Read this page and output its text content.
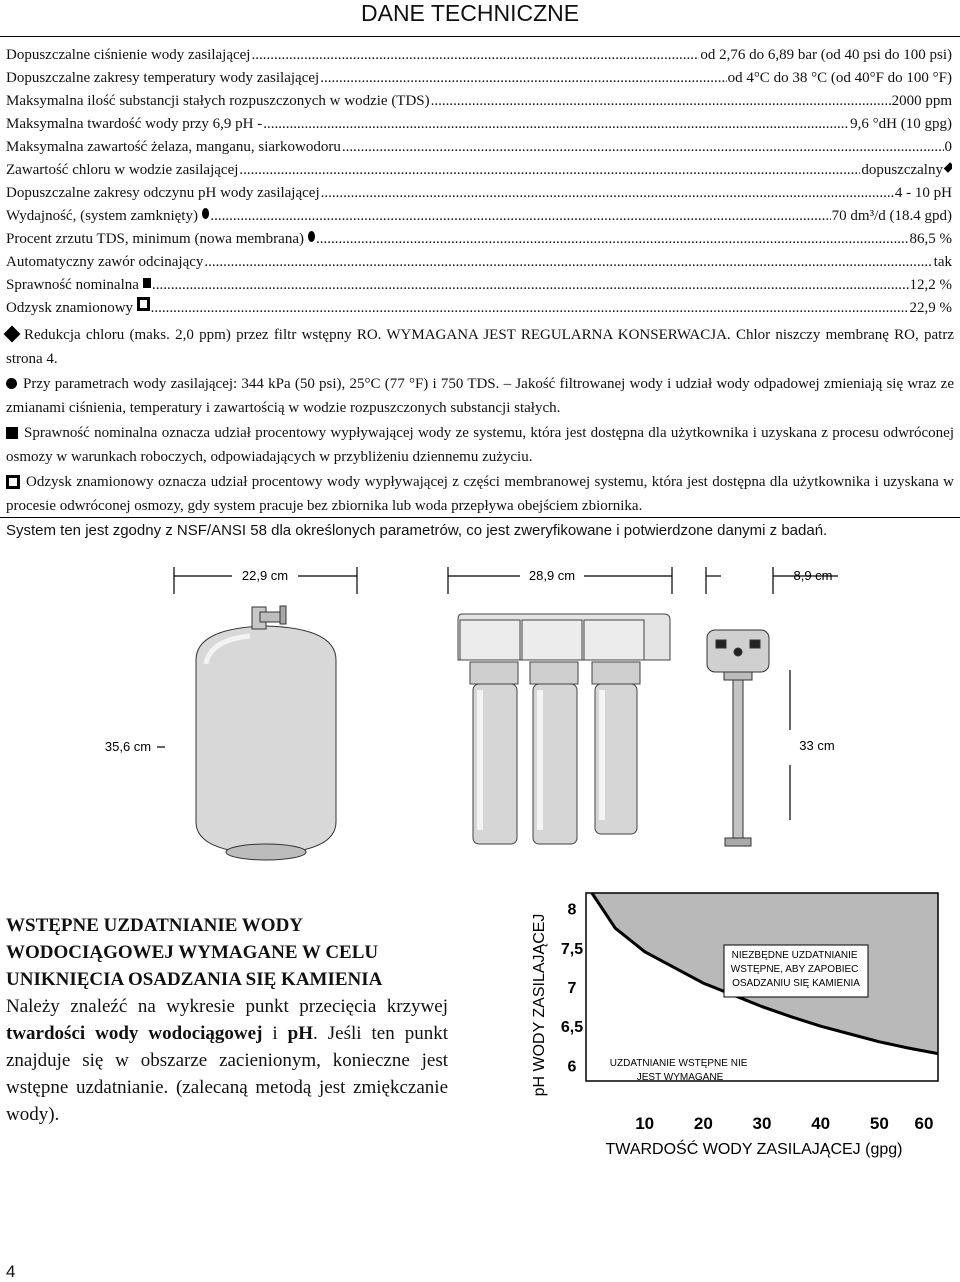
DANE TECHNICZNE
Dopuszczalne ciśnienie wody zasilającej .....	od 2,76 do 6,89 bar (od 40 psi do 100 psi)
Dopuszczalne zakresy temperatury wody zasilającej .....	od 4°C do 38 °C (od 40°F do 100 °F)
Maksymalna ilość substancji stałych rozpuszczonych w wodzie (TDS) .....	2000 ppm
Maksymalna twardość wody przy 6,9 pH - .....	9,6 °dH (10 gpg)
Maksymalna zawartość żelaza, manganu, siarkowodoru .....	0
Zawartość chloru w wodzie zasilającej .....	dopuszczalny
Dopuszczalne zakresy odczynu pH wody zasilającej .....	4 - 10 pH
Wydajność, (system zamknięty) .....	70 dm³/d (18.4 gpd)
Procent zrzutu TDS, minimum (nowa membrana) .....	86,5 %
Automatyczny zawór odcinający .....	tak
Sprawność nominalna .....	12,2 %
Odzysk znamionowy .....	22,9 %

Redukcja chloru (maks. 2,0 ppm) przez filtr wstępny RO. WYMAGANA JEST REGULARNA KONSERWACJA. Chlor niszczy membranę RO, patrz strona 4.

Przy parametrach wody zasilającej: 344 kPa (50 psi), 25°C (77 °F) i 750 TDS. – Jakość filtrowanej wody i udział wody odpadowej zmieniają się wraz ze zmianami ciśnienia, temperatury i zawartością w wodzie rozpuszczonych substancji stałych.

Sprawność nominalna oznacza udział procentowy wypływającej wody ze systemu, która jest dostępna dla użytkownika i uzyskana z procesu odwróconej osmozy w warunkach roboczych, odpowiadających w przybliżeniu dziennemu zużyciu.

Odzysk znamionowy oznacza udział procentowy wody wypływającej z części membranowej systemu, która jest dostępna dla użytkownika i uzyskana w procesie odwróconej osmozy, gdy system pracuje bez zbiornika lub woda przepływa obejściem zbiornika.

System ten jest zgodny z NSF/ANSI 58 dla określonych parametrów, co jest zweryfikowane i potwierdzone danymi z badań.
22,9 cm	28,9 cm	8,9 cm
35,6 cm	33 cm
WSTĘPNE UZDATNIANIE WODY WODOCIĄGOWEJ WYMAGANE W CELU UNIKNIĘCIA OSADZANIA SIĘ KAMIENIA

Należy znaleźć na wykresie punkt przecięcia krzywej twardości wody wodociągowej i pH. Jeśli ten punkt znajduje się w obszarze zacienionym, konieczne jest wstępne uzdatnianie. (zalecaną metodą jest zmiękczanie wody).

8
7,5
7
6,5
6
10 20 30 40 50 60
pH WODY ZASILAJĄCEJ
TWARDOŚĆ WODY ZASILAJĄCEJ (gpg)
NIEZBĘDNE UZDATNIANIE WSTĘPNE, ABY ZAPOBIEC OSADZANIU SIĘ KAMIENIA
UZDATNIANIE WSTĘPNE NIE JEST WYMAGANE
4
